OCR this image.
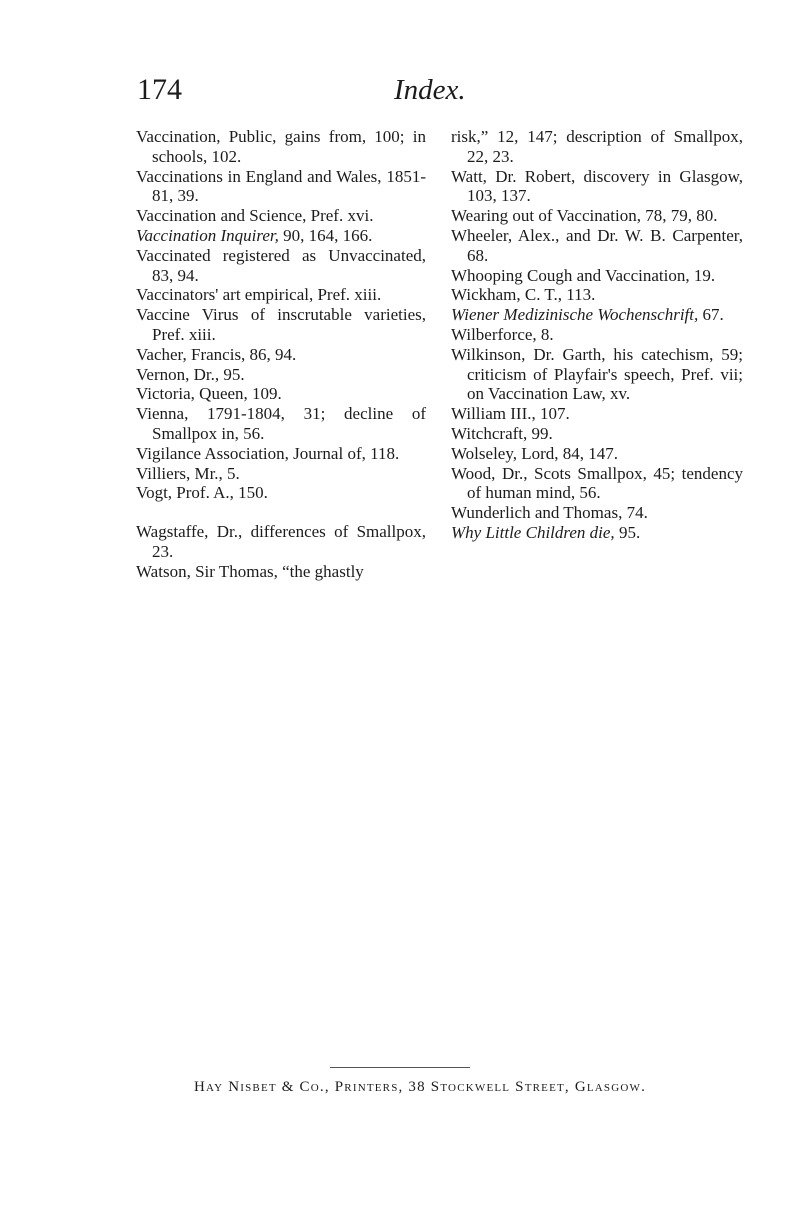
174	Index.

Vaccination, Public, gains from, 100; in schools, 102.

Vaccinations in England and Wales, 1851-81, 39.

Vaccination and Science, Pref. xvi.

Vaccination Inquirer, 90, 164, 166.

Vaccinated registered as Unvaccinated, 83, 94.

Vaccinators' art empirical, Pref. xiii.

Vaccine Virus of inscrutable varieties, Pref. xiii.

Vacher, Francis, 86, 94.

Vernon, Dr., 95.

Victoria, Queen, 109.

Vienna, 1791-1804, 31; decline of Smallpox in, 56.

Vigilance Association, Journal of, 118.

Villiers, Mr., 5.

Vogt, Prof. A., 150.

Wagstaffe, Dr., differences of Smallpox, 23.

Watson, Sir Thomas, “the ghastly

risk,” 12, 147; description of Smallpox, 22, 23.

Watt, Dr. Robert, discovery in Glasgow, 103, 137.

Wearing out of Vaccination, 78, 79, 80.

Wheeler, Alex., and Dr. W. B. Carpenter, 68.

Whooping Cough and Vaccination, 19.

Wickham, C. T., 113.

Wiener Medizinische Wochenschrift, 67.

Wilberforce, 8.

Wilkinson, Dr. Garth, his catechism, 59; criticism of Playfair's speech, Pref. vii; on Vaccination Law, xv.

William III., 107.

Witchcraft, 99.

Wolseley, Lord, 84, 147.

Wood, Dr., Scots Smallpox, 45; tendency of human mind, 56.

Wunderlich and Thomas, 74.

Why Little Children die, 95.

Hay Nisbet & Co., Printers, 38 Stockwell Street, Glasgow.
